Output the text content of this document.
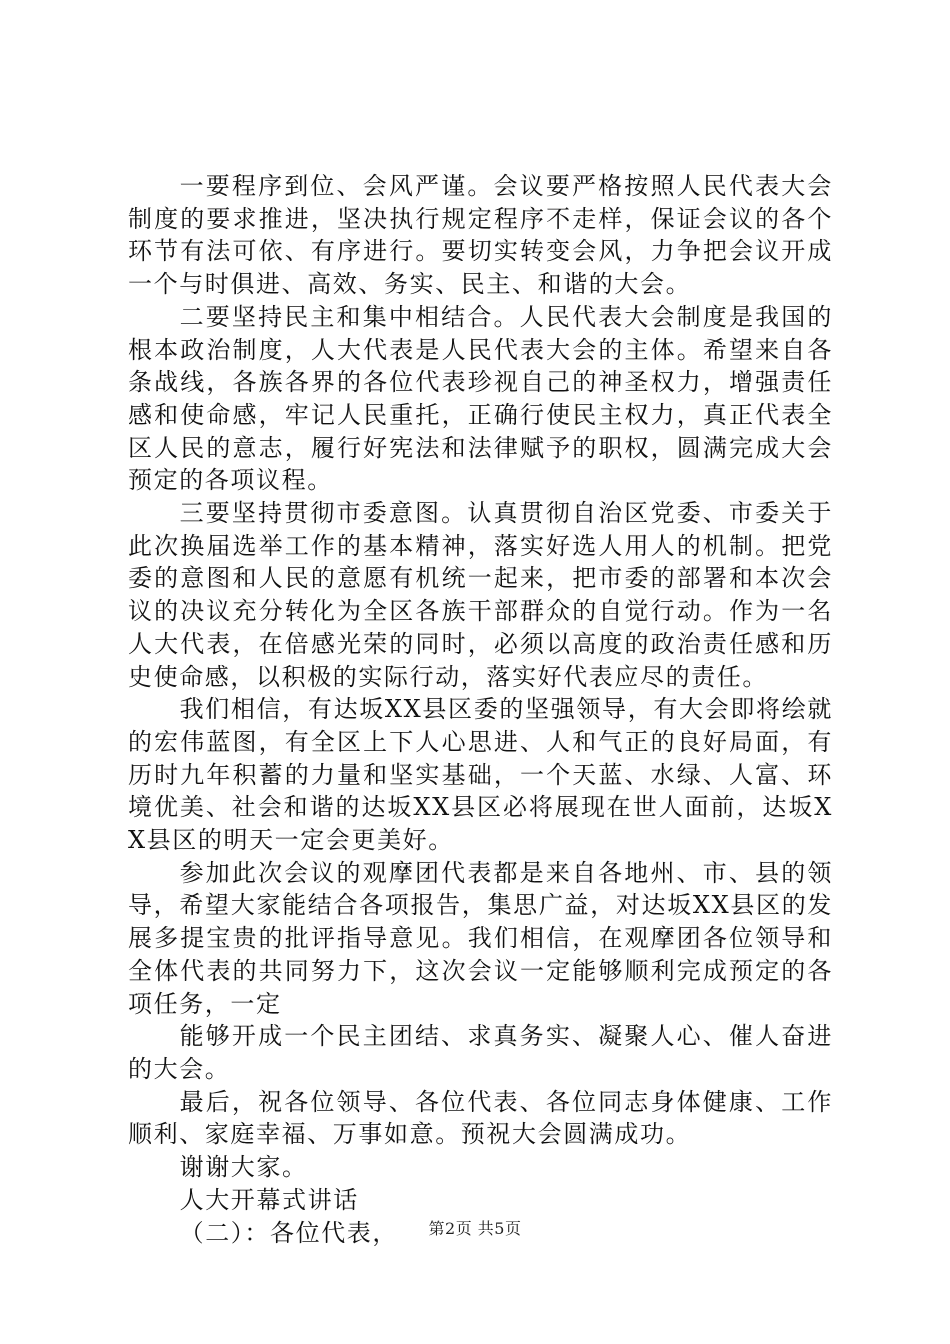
一要程序到位、会风严谨。会议要严格按照人民代表大会制度的要求推进，坚决执行规定程序不走样，保证会议的各个环节有法可依、有序进行。要切实转变会风，力争把会议开成一个与时俱进、高效、务实、民主、和谐的大会。

二要坚持民主和集中相结合。人民代表大会制度是我国的根本政治制度，人大代表是人民代表大会的主体。希望来自各条战线，各族各界的各位代表珍视自己的神圣权力，增强责任感和使命感，牢记人民重托，正确行使民主权力，真正代表全区人民的意志，履行好宪法和法律赋予的职权，圆满完成大会预定的各项议程。

三要坚持贯彻市委意图。认真贯彻自治区党委、市委关于此次换届选举工作的基本精神，落实好选人用人的机制。把党委的意图和人民的意愿有机统一起来，把市委的部署和本次会议的决议充分转化为全区各族干部群众的自觉行动。作为一名人大代表，在倍感光荣的同时，必须以高度的政治责任感和历史使命感，以积极的实际行动，落实好代表应尽的责任。

我们相信，有达坂XX县区委的坚强领导，有大会即将绘就的宏伟蓝图，有全区上下人心思进、人和气正的良好局面，有历时九年积蓄的力量和坚实基础，一个天蓝、水绿、人富、环境优美、社会和谐的达坂XX县区必将展现在世人面前，达坂XX县区的明天一定会更美好。

参加此次会议的观摩团代表都是来自各地州、市、县的领导，希望大家能结合各项报告，集思广益，对达坂XX县区的发展多提宝贵的批评指导意见。我们相信，在观摩团各位领导和全体代表的共同努力下，这次会议一定能够顺利完成预定的各项任务，一定

能够开成一个民主团结、求真务实、凝聚人心、催人奋进的大会。

最后，祝各位领导、各位代表、各位同志身体健康、工作顺利、家庭幸福、万事如意。预祝大会圆满成功。

谢谢大家。

人大开幕式讲话

（二）：各位代表，	第2页 共5页
